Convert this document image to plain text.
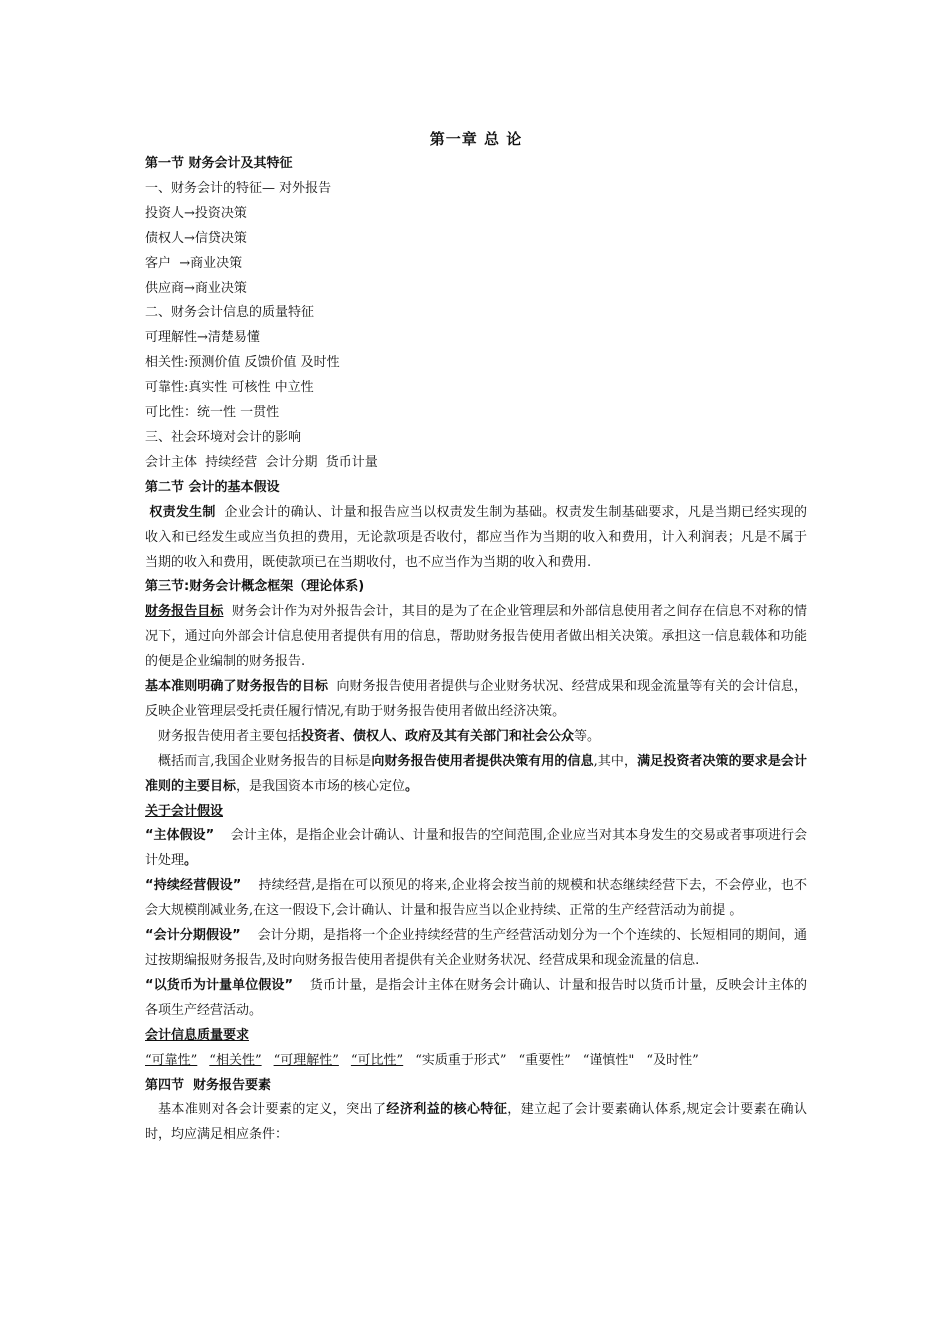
第一章 总 论
第一节 财务会计及其特征
一、财务会计的特征— 对外报告
投资人→投资决策
债权人→信贷决策
客户  →商业决策
供应商→商业决策
二、财务会计信息的质量特征
可理解性→清楚易懂
相关性:预测价值 反馈价值 及时性
可靠性:真实性 可核性 中立性
可比性：统一性 一贯性
三、社会环境对会计的影响
会计主体  持续经营  会计分期  货币计量
第二节 会计的基本假设

权责发生制 企业会计的确认、计量和报告应当以权责发生制为基础。权责发生制基础要求，凡是当期已经实现的收入和已经发生或应当负担的费用，无论款项是否收付，都应当作为当期的收入和费用，计入利润表；凡是不属于当期的收入和费用，既使款项已在当期收付，也不应当作为当期的收入和费用.

第三节:财务会计概念框架（理论体系)

财务报告目标 财务会计作为对外报告会计，其目的是为了在企业管理层和外部信息使用者之间存在信息不对称的情况下，通过向外部会计信息使用者提供有用的信息，帮助财务报告使用者做出相关决策。承担这一信息载体和功能的便是企业编制的财务报告.

基本准则明确了财务报告的目标 向财务报告使用者提供与企业财务状况、经营成果和现金流量等有关的会计信息，反映企业管理层受托责任履行情况,有助于财务报告使用者做出经济决策。

财务报告使用者主要包括投资者、债权人、政府及其有关部门和社会公众等。

概括而言,我国企业财务报告的目标是向财务报告使用者提供决策有用的信息,其中，满足投资者决策的要求是会计准则的主要目标，是我国资本市场的核心定位。

关于会计假设

“主体假设” 会计主体，是指企业会计确认、计量和报告的空间范围,企业应当对其本身发生的交易或者事项进行会计处理。

“持续经营假设” 持续经营,是指在可以预见的将来,企业将会按当前的规模和状态继续经营下去，不会停业，也不会大规模削减业务,在这一假设下,会计确认、计量和报告应当以企业持续、正常的生产经营活动为前提 。

“会计分期假设” 会计分期，是指将一个企业持续经营的生产经营活动划分为一个个连续的、长短相同的期间，通过按期编报财务报告,及时向财务报告使用者提供有关企业财务状况、经营成果和现金流量的信息.

“以货币为计量单位假设” 货币计量，是指会计主体在财务会计确认、计量和报告时以货币计量，反映会计主体的各项生产经营活动。

会计信息质量要求

“可靠性” “相关性” “可理解性” “可比性” “实质重于形式” “重要性” “谨慎性" “及时性”

第四节  财务报告要素

基本准则对各会计要素的定义，突出了经济利益的核心特征，建立起了会计要素确认体系,规定会计要素在确认时，均应满足相应条件：
